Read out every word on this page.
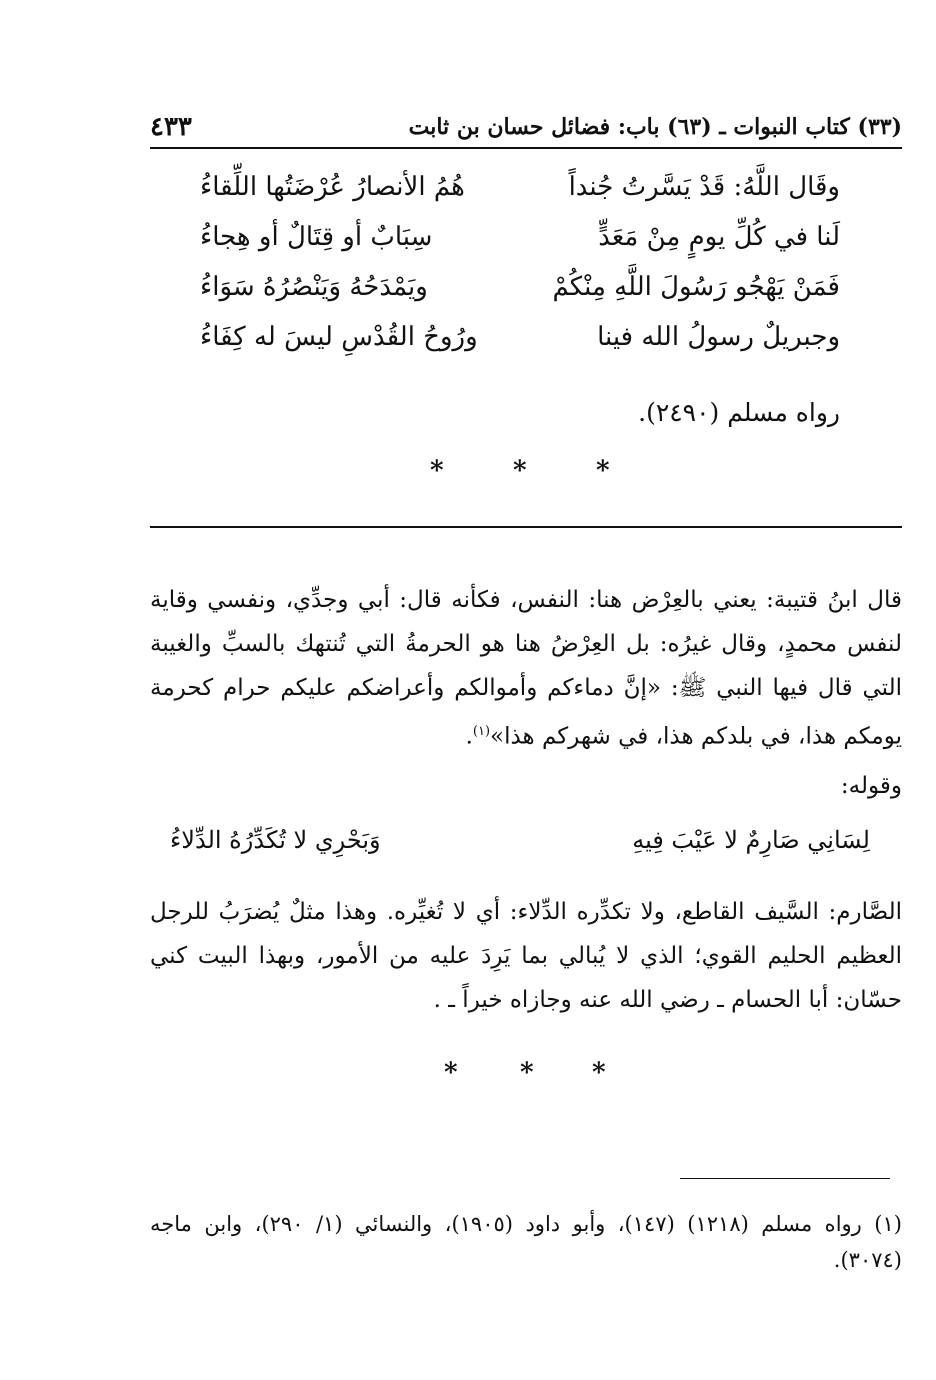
(٣٣) كتاب النبوات ـ (٦٣) باب: فضائل حسان بن ثابت
٤٣٣
وقَال اللَّهُ: قَدْ يَسَّرتُ جُنداً
هُمُ الأنصارُ عُرْضَتُها اللِّقاءُ
لَنا في كُلِّ يومٍ مِنْ مَعَدٍّ
سِبَابٌ أو قِتَالٌ أو هِجاءُ
فَمَنْ يَهْجُو رَسُولَ اللَّهِ مِنْكُمْ
ويَمْدَحُهُ وَيَنْصُرُهُ سَوَاءُ
وجبريلٌ رسولُ الله فينا
ورُوحُ القُدْسِ ليسَ له كِفَاءُ
رواه مسلم (٢٤٩٠).
*	*	*
قال ابنُ قتيبة: يعني بالعِرْض هنا: النفس، فكأنه قال: أبي وجدِّي، ونفسي وقاية لنفس محمدٍ، وقال غيرُه: بل العِرْضُ هنا هو الحرمةُ التي تُنتهك بالسبِّ والغيبة التي قال فيها النبي ﷺ: «إنَّ دماءكم وأموالكم وأعراضكم عليكم حرام كحرمة يومكم هذا، في بلدكم هذا، في شهركم هذا»$^{(١)}$.
وقوله:
لِسَانِي صَارِمٌ لا عَيْبَ فِيهِ
وَبَحْرِي لا تُكَدِّرُهُ الدِّلاءُ
الصَّارم: السَّيف القاطع، ولا تكدِّره الدِّلاء: أي لا تُغيِّره. وهذا مثلٌ يُضرَبُ للرجل العظيم الحليم القوي؛ الذي لا يُبالي بما يَرِدَ عليه من الأمور، وبهذا البيت كني حسّان: أبا الحسام ـ رضي الله عنه وجازاه خيراً ـ .
* * *
(١) رواه مسلم (١٢١٨) (١٤٧)، وأبو داود (١٩٠٥)، والنسائي (١/ ٢٩٠)، وابن ماجه (٣٠٧٤).
